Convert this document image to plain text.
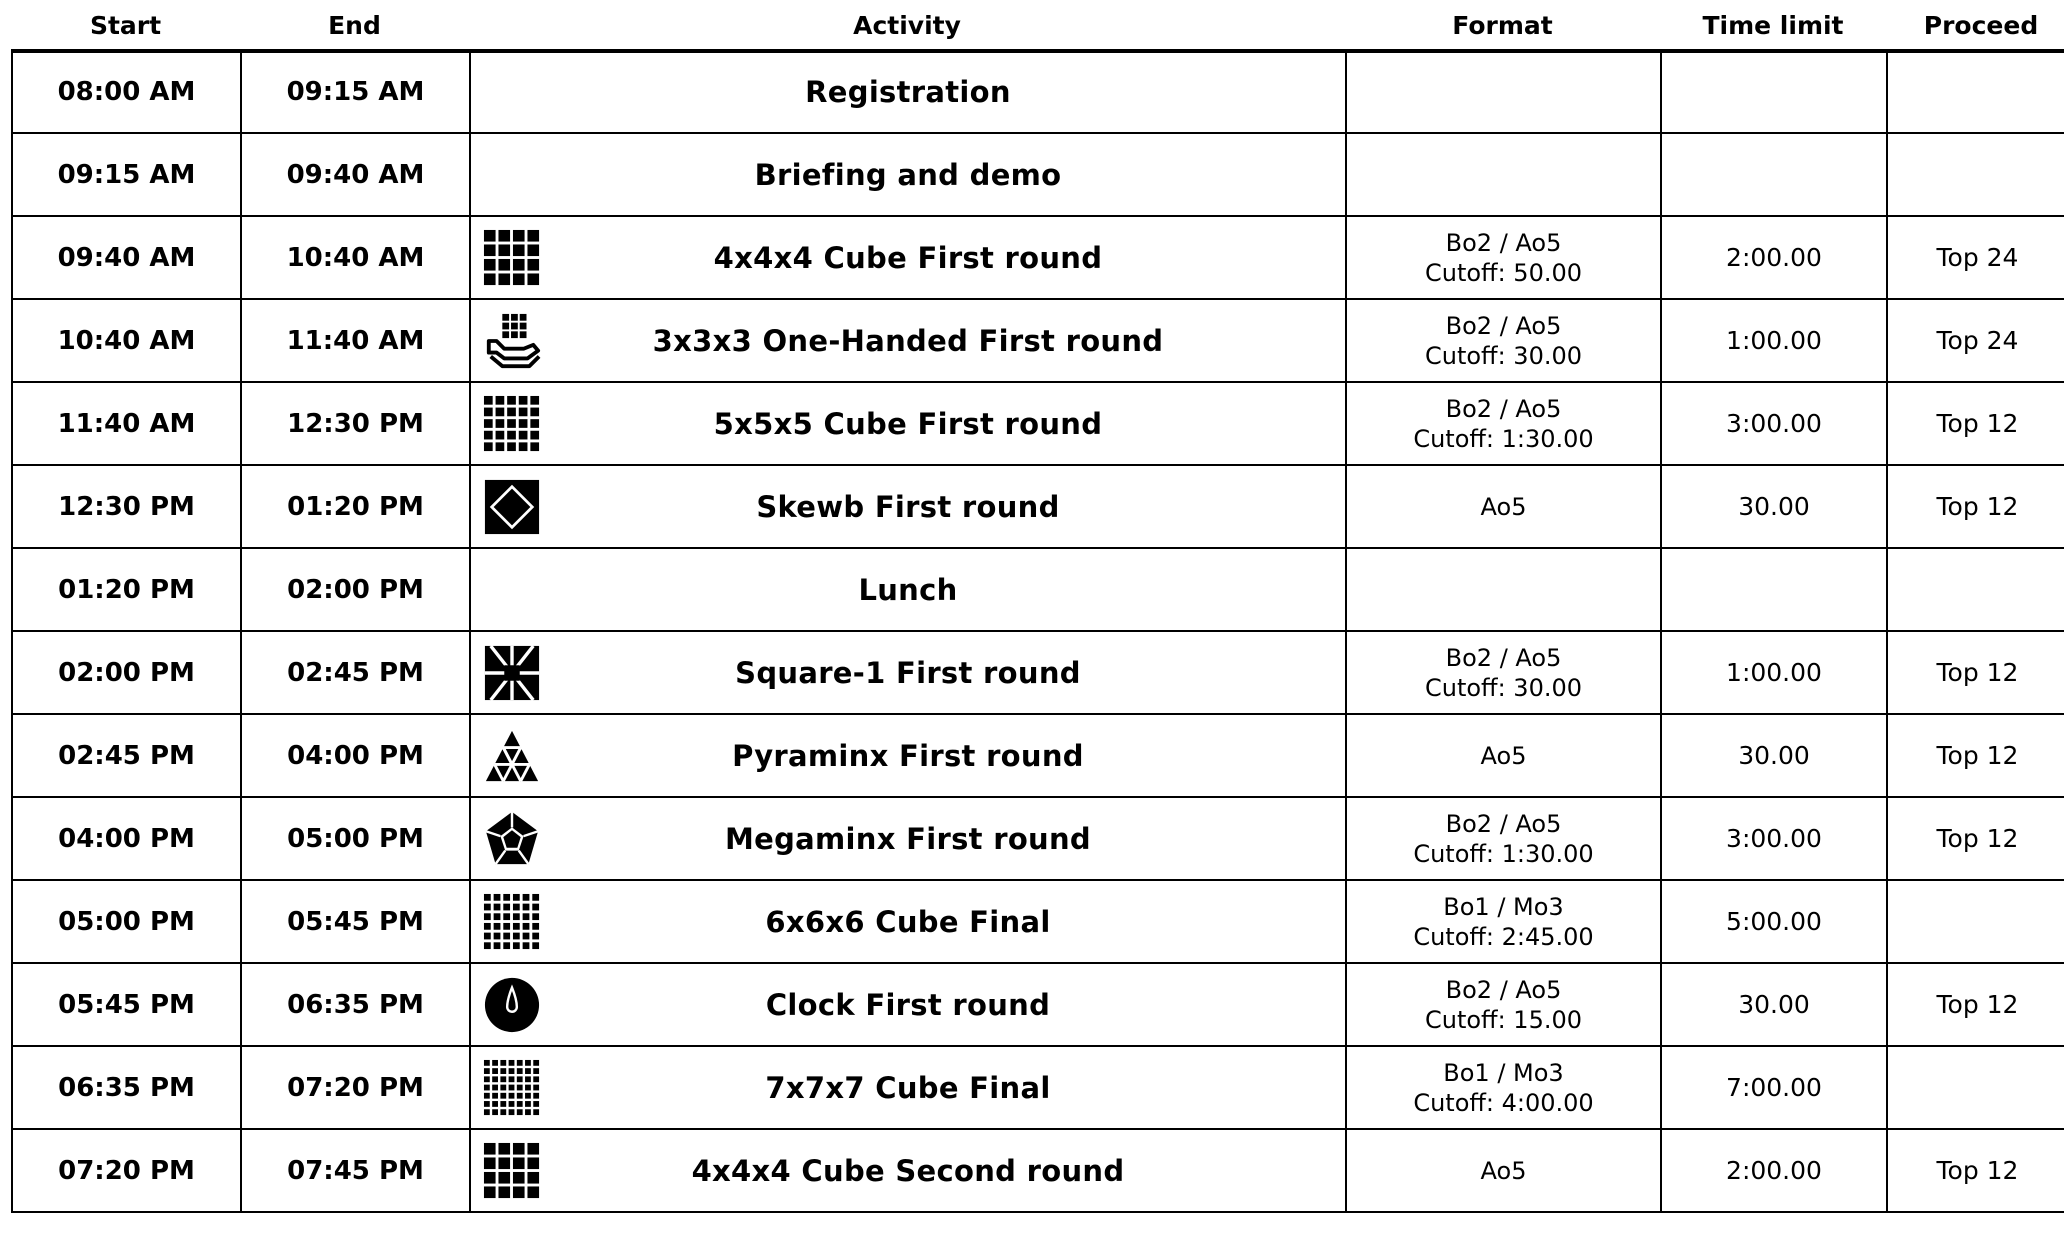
Start	End	Activity	Format	Time limit	Proceed
08:00 AM	09:15 AM	Registration	

09:15 AM	09:40 AM	Briefing and demo	

09:40 AM	10:40 AM	4x4x4 Cube First round	Bo2 / Ao5
Cutoff: 50.00	2:00.00	Top 24
10:40 AM	11:40 AM	3x3x3 One-Handed First round	Bo2 / Ao5
Cutoff: 30.00	1:00.00	Top 24
11:40 AM	12:30 PM	5x5x5 Cube First round	Bo2 / Ao5
Cutoff: 1:30.00	3:00.00	Top 12
12:30 PM	01:20 PM	Skewb First round	Ao5	30.00	Top 12
01:20 PM	02:00 PM	Lunch	

02:00 PM	02:45 PM	Square-1 First round	Bo2 / Ao5
Cutoff: 30.00	1:00.00	Top 12
02:45 PM	04:00 PM	Pyraminx First round	Ao5	30.00	Top 12
04:00 PM	05:00 PM	Megaminx First round	Bo2 / Ao5
Cutoff: 1:30.00	3:00.00	Top 12
05:00 PM	05:45 PM	6x6x6 Cube Final	Bo1 / Mo3
Cutoff: 2:45.00	5:00.00	
05:45 PM	06:35 PM	Clock First round	Bo2 / Ao5
Cutoff: 15.00	30.00	Top 12
06:35 PM	07:20 PM	7x7x7 Cube Final	Bo1 / Mo3
Cutoff: 4:00.00	7:00.00	
07:20 PM	07:45 PM	4x4x4 Cube Second round	Ao5	2:00.00	Top 12
